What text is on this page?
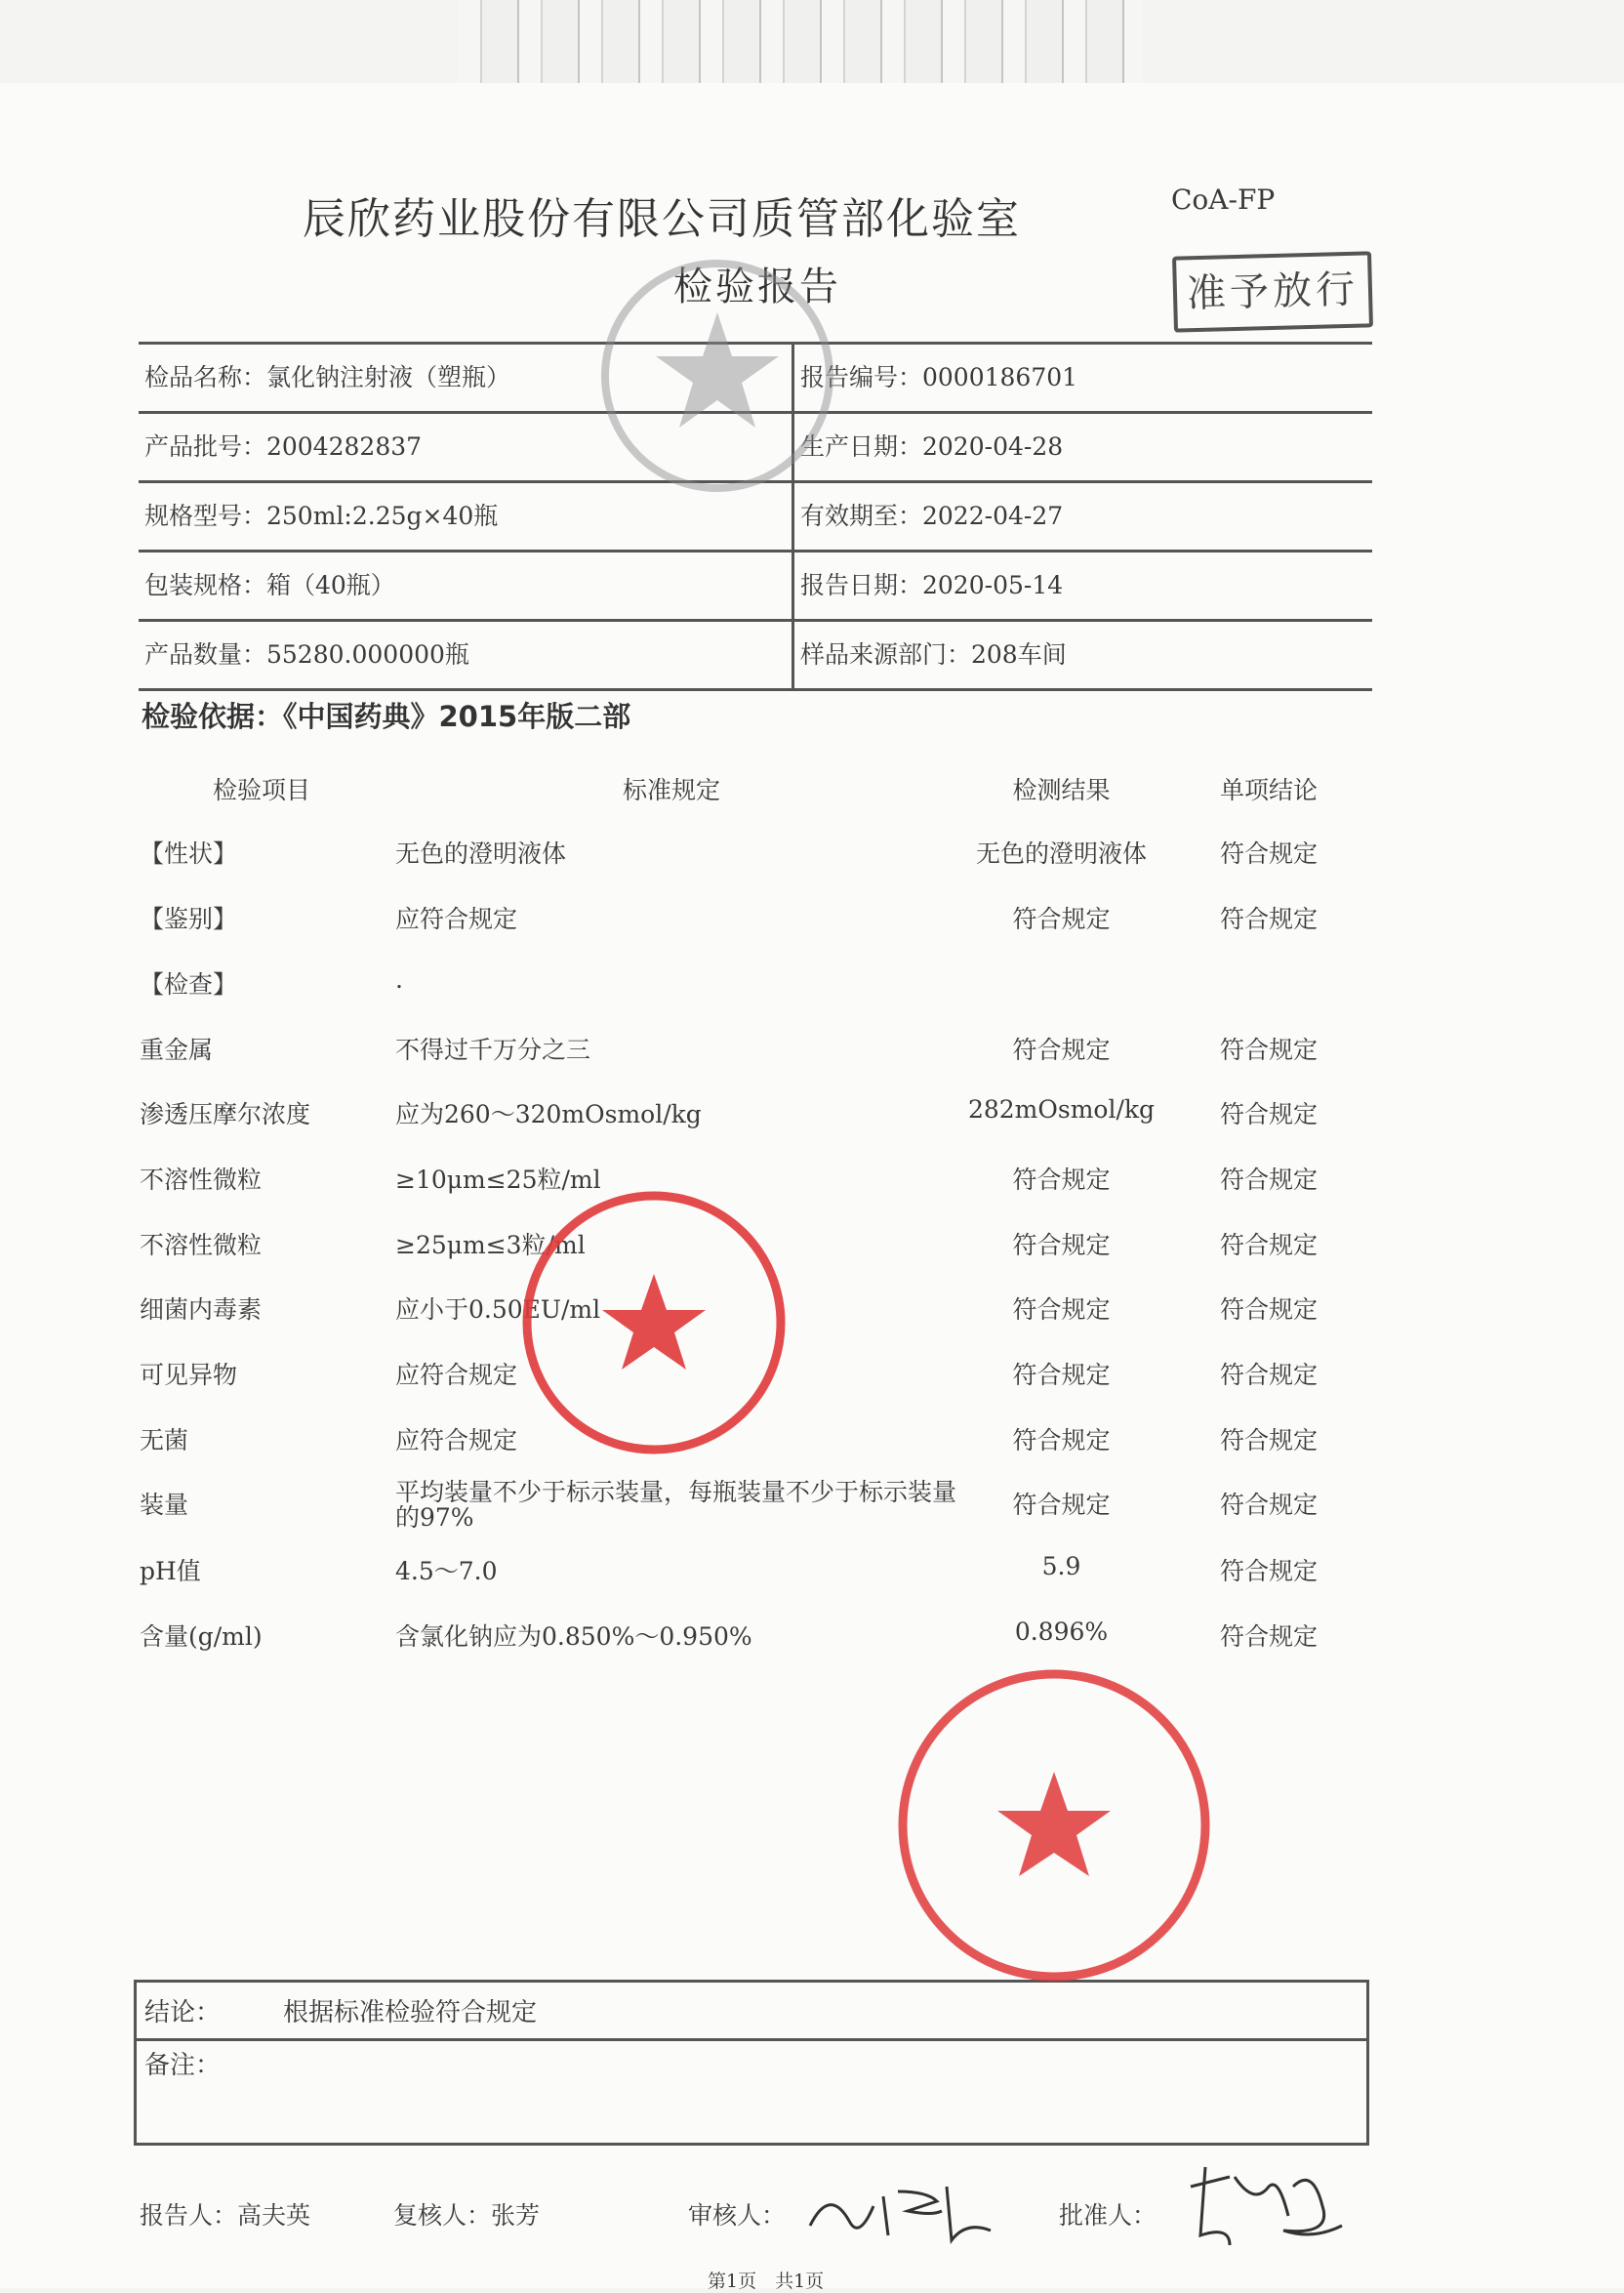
辰欣药业股份有限公司质管部化验室
检验报告
CoA-FP
准予放行
检品名称：氯化钠注射液（塑瓶）	报告编号：0000186701
产品批号：2004282837	生产日期：2020-04-28
规格型号：250ml:2.25g×40瓶	有效期至：2022-04-27
包装规格：箱（40瓶）	报告日期：2020-05-14
产品数量：55280.000000瓶	样品来源部门：208车间
检验依据：《中国药典》2015年版二部
检验项目	标准规定	检测结果	单项结论
【性状】	无色的澄明液体	无色的澄明液体	符合规定
【鉴别】	应符合规定	符合规定	符合规定
【检查】	.
重金属	不得过千万分之三	符合规定	符合规定
渗透压摩尔浓度	应为260～320mOsmol/kg	282mOsmol/kg	符合规定
不溶性微粒	≥10μm≤25粒/ml	符合规定	符合规定
不溶性微粒	≥25μm≤3粒/ml	符合规定	符合规定
细菌内毒素	应小于0.50EU/ml	符合规定	符合规定
可见异物	应符合规定	符合规定	符合规定
无菌	应符合规定	符合规定	符合规定
装量	平均装量不少于标示装量，每瓶装量不少于标示装量的97%	符合规定	符合规定
pH值	4.5～7.0	5.9	符合规定
含量(g/ml)	含氯化钠应为0.850%～0.950%	0.896%	符合规定
结论： 根据标准检验符合规定
备注：
报告人：高夫英	复核人：张芳	审核人：	批准人：
第1页　共1页
